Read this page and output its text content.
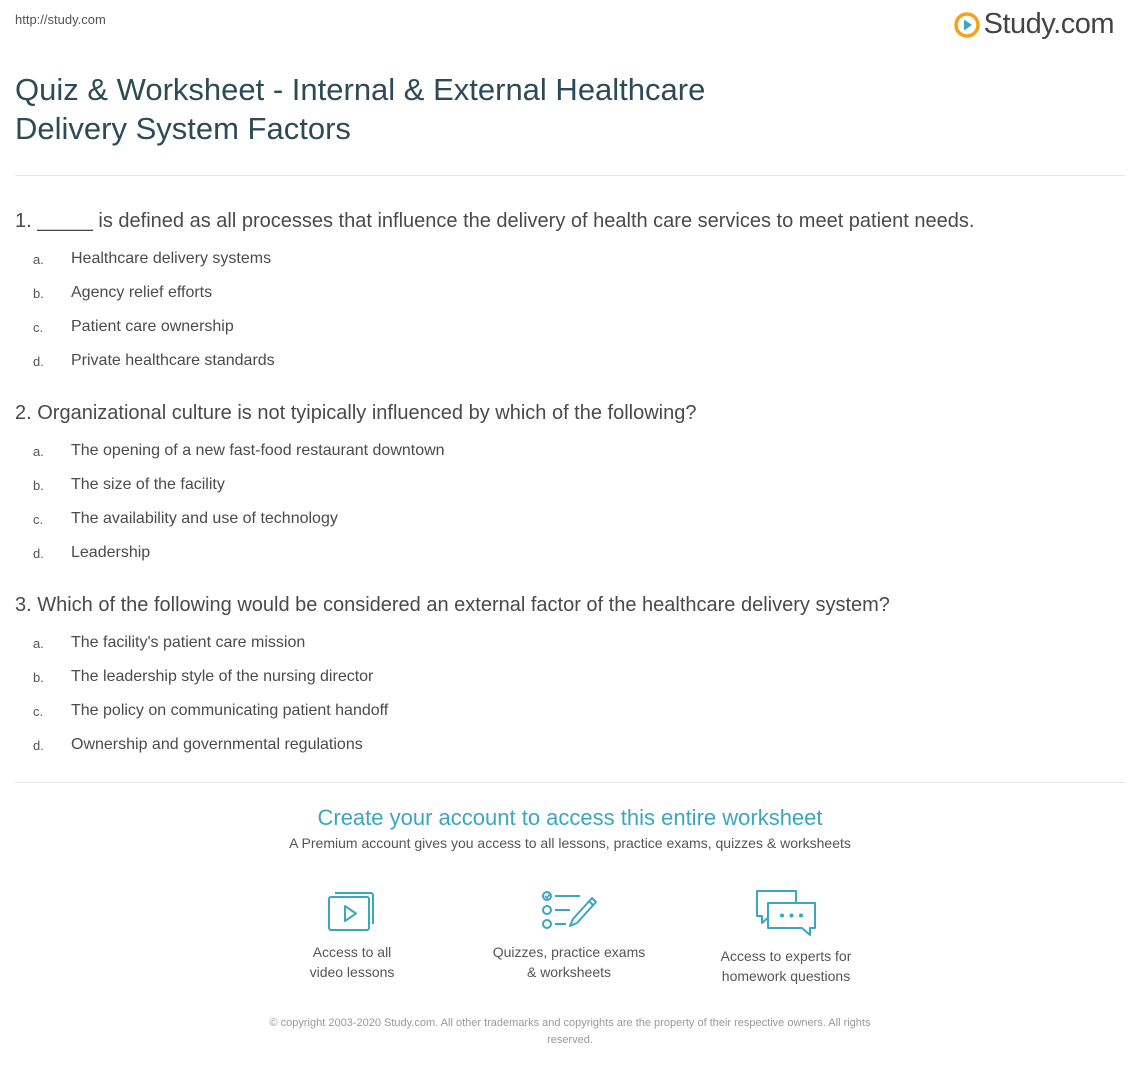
http://study.com	Study.com
Quiz & Worksheet - Internal & External Healthcare
Delivery System Factors

1. _____ is defined as all processes that influence the delivery of health care services to meet patient needs.

a.	Healthcare delivery systems
b.	Agency relief efforts
c.	Patient care ownership
d.	Private healthcare standards

2. Organizational culture is not tyipically influenced by which of the following?

a.	The opening of a new fast-food restaurant downtown
b.	The size of the facility
c.	The availability and use of technology
d.	Leadership

3. Which of the following would be considered an external factor of the healthcare delivery system?

a.	The facility's patient care mission
b.	The leadership style of the nursing director
c.	The policy on communicating patient handoff
d.	Ownership and governmental regulations

Create your account to access this entire worksheet

A Premium account gives you access to all lessons, practice exams, quizzes & worksheets
Access to all
video lessons
Quizzes, practice exams
& worksheets
Access to experts for
homework questions
© copyright 2003-2020 Study.com. All other trademarks and copyrights are the property of their respective owners. All rights
reserved.
